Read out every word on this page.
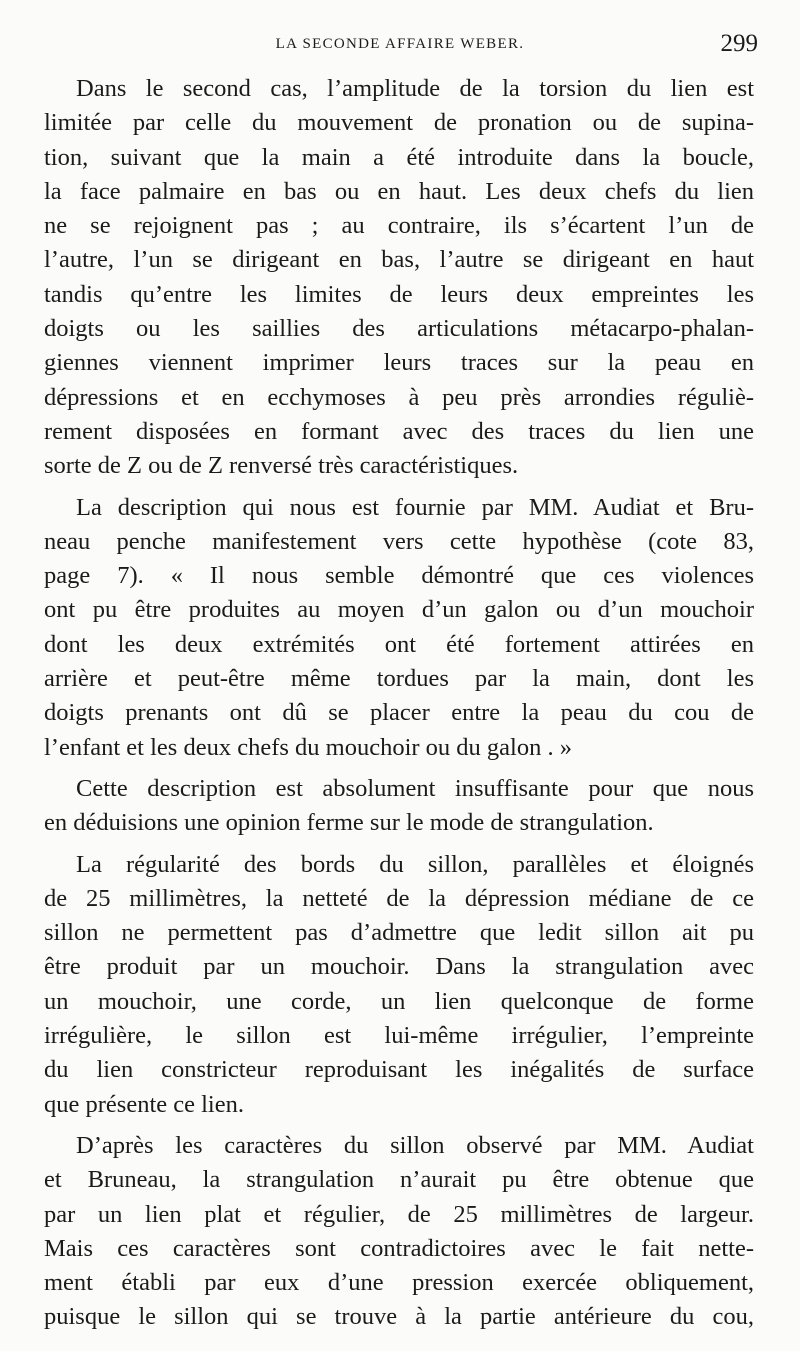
LA SECONDE AFFAIRE WEBER.	299
Dans le second cas, l’amplitude de la torsion du lien est
limitée par celle du mouvement de pronation ou de supina-
tion, suivant que la main a été introduite dans la boucle,
la face palmaire en bas ou en haut. Les deux chefs du lien
ne se rejoignent pas ; au contraire, ils s’écartent l’un de
l’autre, l’un se dirigeant en bas, l’autre se dirigeant en haut
tandis qu’entre les limites de leurs deux empreintes les
doigts ou les saillies des articulations métacarpo-phalan-
giennes viennent imprimer leurs traces sur la peau en
dépressions et en ecchymoses à peu près arrondies réguliè-
rement disposées en formant avec des traces du lien une
sorte de Z ou de Z renversé très caractéristiques.
La description qui nous est fournie par MM. Audiat et Bru-
neau penche manifestement vers cette hypothèse (cote 83,
page 7). « Il nous semble démontré que ces violences
ont pu être produites au moyen d’un galon ou d’un mouchoir
dont les deux extrémités ont été fortement attirées en
arrière et peut-être même tordues par la main, dont les
doigts prenants ont dû se placer entre la peau du cou de
l’enfant et les deux chefs du mouchoir ou du galon . »
Cette description est absolument insuffisante pour que nous
en déduisions une opinion ferme sur le mode de strangulation.
La régularité des bords du sillon, parallèles et éloignés
de 25 millimètres, la netteté de la dépression médiane de ce
sillon ne permettent pas d’admettre que ledit sillon ait pu
être produit par un mouchoir. Dans la strangulation avec
un mouchoir, une corde, un lien quelconque de forme
irrégulière, le sillon est lui-même irrégulier, l’empreinte
du lien constricteur reproduisant les inégalités de surface
que présente ce lien.
D’après les caractères du sillon observé par MM. Audiat
et Bruneau, la strangulation n’aurait pu être obtenue que
par un lien plat et régulier, de 25 millimètres de largeur.
Mais ces caractères sont contradictoires avec le fait nette-
ment établi par eux d’une pression exercée obliquement,
puisque le sillon qui se trouve à la partie antérieure du cou,
